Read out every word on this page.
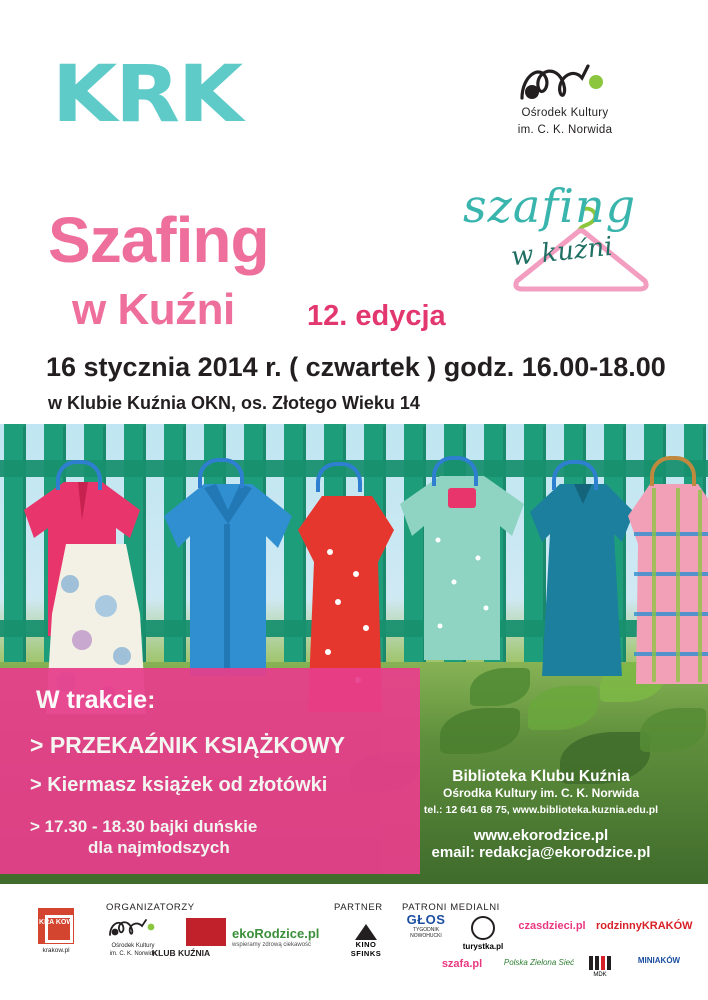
KRK	Ośrodek Kultury
im. C. K. Norwida
Szafing
w Kuźni 12. edycja
szafing
w kuźni
16 stycznia 2014 r. ( czwartek ) godz. 16.00-18.00
w Klubie Kuźnia OKN, os. Złotego Wieku 14
W trakcie:
> PRZEKAŹNIK KSIĄŻKOWY
> Kiermasz książek od złotówki
> 17.30 - 18.30 bajki duńskie
dla najmłodszych
Biblioteka Klubu Kuźnia
Ośrodka Kultury im. C. K. Norwida
tel.: 12 641 68 75, www.biblioteka.kuznia.edu.pl
www.ekorodzice.pl
email: redakcja@ekorodzice.pl
ORGANIZATORZY	PARTNER PATRONI MEDIALNI
KRA KOW
krakow.pl
Ośrodek Kultury
im. C. K. Norwida
KLUB KUŹNIA
ekoRodzice.pl
wspieramy zdrową ciekawość	KINO
SFINKS
GŁOS
TYGODNIK
NOWOHUCKI
turystka.pl
czasdzieci.pl rodzinnyKRAKÓW
szafa.pl	Polska Zielona Sieć
MDK
MINIAKÓW
